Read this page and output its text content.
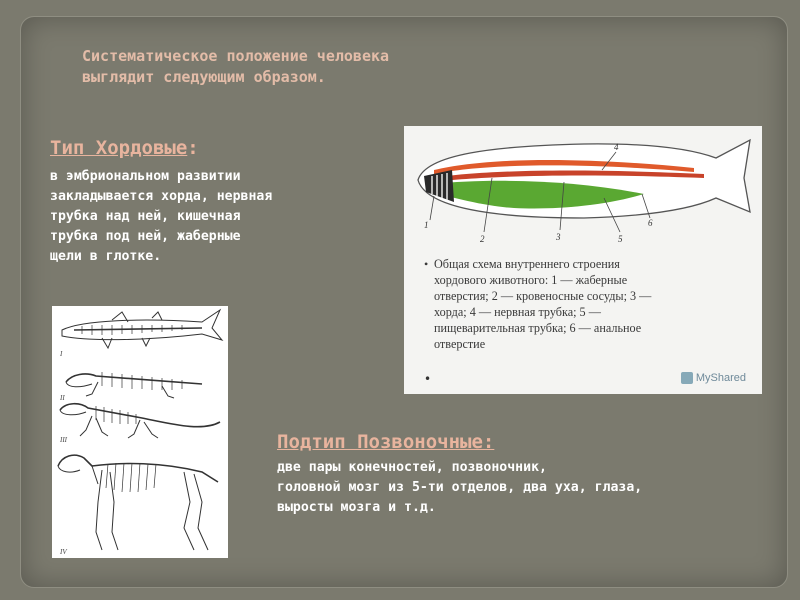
Систематическое положение человека
выглядит следующим образом.
Тип Хордовые:
в эмбриональном развитии
закладывается хорда, нервная
трубка над ней, кишечная
трубка под ней, жаберные
щели в глотке.
4
1
2	3	5
6
• Общая схема внутреннего строения
хордового животного: 1 — жаберные
отверстия; 2 — кровеносные сосуды; 3 —
хорда; 4 — нервная трубка; 5 —
пищеварительная трубка; 6 — анальное
отверстие
•	MyShared
I
II
III
IV
Подтип Позвоночные:
две пары конечностей, позвоночник,
головной мозг из 5-ти отделов, два уха, глаза,
выросты мозга и т.д.
